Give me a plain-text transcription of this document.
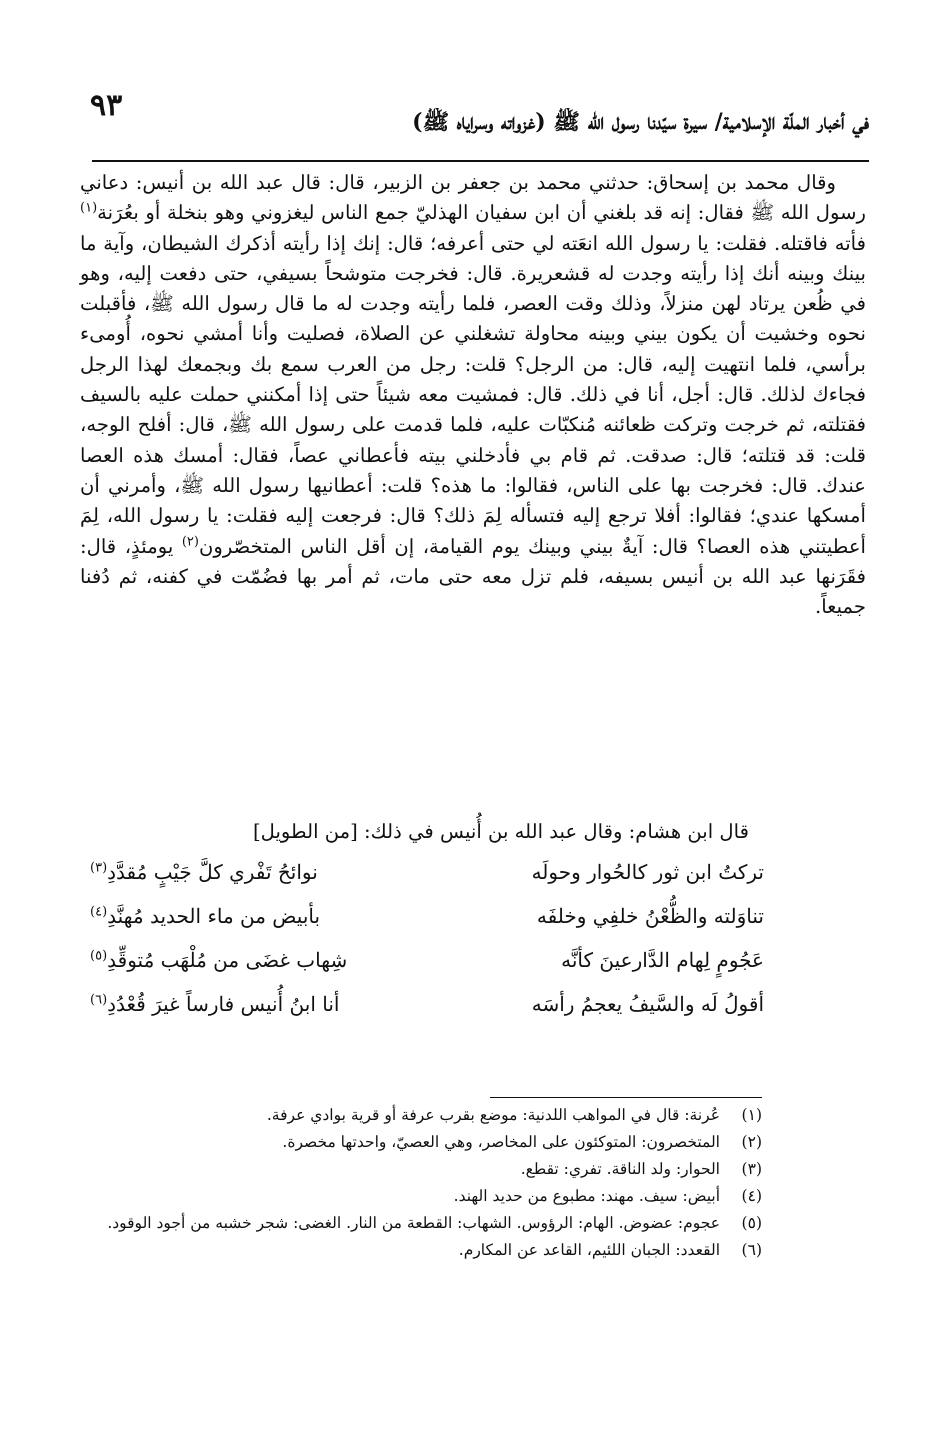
٩٣	في أخبار الملّة الإسلامية/ سيرة سيّدنا رسول الله ﷺ (غزواته وسراياه ﷺ)

وقال محمد بن إسحاق: حدثني محمد بن جعفر بن الزبير، قال: قال عبد الله بن أنيس: دعاني رسول الله ﷺ فقال: إنه قد بلغني أن ابن سفيان الهذليّ جمع الناس ليغزوني وهو بنخلة أو بعُرَنة$^{(١)}$ فأته فاقتله. فقلت: يا رسول الله انعَته لي حتى أعرفه؛ قال: إنك إذا رأيته أذكرك الشيطان، وآية ما بينك وبينه أنك إذا رأيته وجدت له قشعريرة. قال: فخرجت متوشحاً بسيفي، حتى دفعت إليه، وهو في ظُعن يرتاد لهن منزلاً، وذلك وقت العصر، فلما رأيته وجدت له ما قال رسول الله ﷺ، فأقبلت نحوه وخشيت أن يكون بيني وبينه محاولة تشغلني عن الصلاة، فصليت وأنا أمشي نحوه، أُومىء برأسي، فلما انتهيت إليه، قال: من الرجل؟ قلت: رجل من العرب سمع بك وبجمعك لهذا الرجل فجاءك لذلك. قال: أجل، أنا في ذلك. قال: فمشيت معه شيئاً حتى إذا أمكنني حملت عليه بالسيف فقتلته، ثم خرجت وتركت ظعائنه مُنكبّات عليه، فلما قدمت على رسول الله ﷺ، قال: أفلح الوجه، قلت: قد قتلته؛ قال: صدقت. ثم قام بي فأدخلني بيته فأعطاني عصاً، فقال: أمسك هذه العصا عندك. قال: فخرجت بها على الناس، فقالوا: ما هذه؟ قلت: أعطانيها رسول الله ﷺ، وأمرني أن أمسكها عندي؛ فقالوا: أفلا ترجع إليه فتسأله لِمَ ذلك؟ قال: فرجعت إليه فقلت: يا رسول الله، لِمَ أعطيتني هذه العصا؟ قال: آيةٌ بيني وبينك يوم القيامة، إن أقل الناس المتخصّرون$^{(٢)}$ يومئذٍ، قال: فقَرَنها عبد الله بن أنيس بسيفه، فلم تزل معه حتى مات، ثم أمر بها فضُمّت في كفنه، ثم دُفنا جميعاً.

قال ابن هشام: وقال عبد الله بن أُنيس في ذلك: [من الطويل]
تركتُ ابن ثور كالحُوار وحولَه
نوائحُ تَفْري كلَّ جَيْبٍ مُقدَّدِ$^{(٣)}$
تناوَلته والظُّعْنُ خلفِي وخلفَه
بأبيض من ماء الحديد مُهنَّدِ$^{(٤)}$
عَجُومٍ لِهام الدَّارعينَ كأنَّه
شِهاب غضَى من مُلْهَب مُتوقِّدِ$^{(٥)}$
أقولُ لَه والسَّيفُ يعجمُ رأسَه
أنا ابنُ أُنيس فارساً غيرَ قُعْدُدِ$^{(٦)}$
(١)
عُرنة: قال في المواهب اللدنية: موضع بقرب عرفة أو قرية بوادي عرفة.
(٢)
المتخصرون: المتوكئون على المخاصر، وهي العصيّ، واحدتها مخصرة.
(٣)
الحوار: ولد الناقة. تفري: تقطع.
(٤)
أبيض: سيف. مهند: مطبوع من حديد الهند.
(٥)
عجوم: عضوض. الهام: الرؤوس. الشهاب: القطعة من النار. الغضى: شجر خشبه من أجود الوقود.
(٦)
القعدد: الجبان اللئيم، القاعد عن المكارم.
